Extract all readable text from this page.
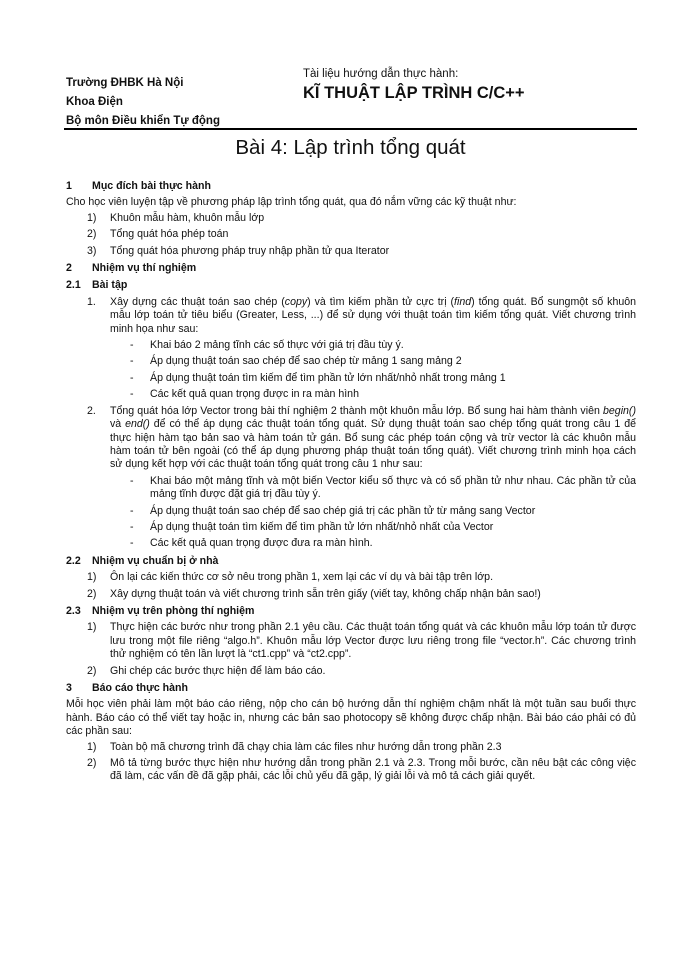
Trường ĐHBK Hà Nội
Khoa Điện
Bộ môn Điều khiển Tự động
Tài liệu hướng dẫn thực hành:
KĨ THUẬT LẬP TRÌNH C/C++
Bài 4: Lập trình tổng quát
1	Mục đích bài thực hành
Cho học viên luyện tập về phương pháp lập trình tổng quát, qua đó nắm vững các kỹ thuật như:
1)	Khuôn mẫu hàm, khuôn mẫu lớp
2)	Tổng quát hóa phép toán
3)	Tổng quát hóa phương pháp truy nhập phần tử qua Iterator
2	Nhiệm vụ thí nghiệm
2.1	Bài tập
1.	Xây dựng các thuật toán sao chép (copy) và tìm kiếm phần tử cực trị (find) tổng quát. Bổ sungmột số khuôn mẫu lớp toán tử tiêu biểu (Greater, Less, ...) để sử dụng với thuật toán tìm kiếm tổng quát. Viết chương trình minh họa như sau:
-	Khai báo 2 mảng tĩnh các số thực với giá trị đầu tùy ý.
-	Áp dụng thuật toán sao chép để sao chép từ mảng 1 sang mảng 2
-	Áp dụng thuật toán tìm kiếm để tìm phần tử lớn nhất/nhỏ nhất trong mảng 1
-	Các kết quả quan trọng được in ra màn hình
2.	Tổng quát hóa lớp Vector trong bài thí nghiệm 2 thành một khuôn mẫu lớp. Bổ sung hai hàm thành viên begin() và end() để có thể áp dụng các thuật toán tổng quát. Sử dụng thuật toán sao chép tổng quát trong câu 1 để thực hiện hàm tạo bản sao và hàm toán tử gán. Bổ sung các phép toán cộng và trừ vector là các khuôn mẫu hàm toán tử bên ngoài (có thể áp dụng phương pháp thuật toán tổng quát). Viết chương trình minh họa cách sử dụng kết hợp với các thuật toán tổng quát trong câu 1 như sau:
-	Khai báo một mảng tĩnh và một biến Vector kiểu số thực và có số phần tử như nhau. Các phần tử của mảng tĩnh được đặt giá trị đầu tùy ý.
-	Áp dụng thuật toán sao chép để sao chép giá trị các phần tử từ mảng sang Vector
-	Áp dụng thuật toán tìm kiếm để tìm phần tử lớn nhất/nhỏ nhất của Vector
-	Các kết quả quan trọng được đưa ra màn hình.
2.2	Nhiệm vụ chuẩn bị ở nhà
1)	Ôn lại các kiến thức cơ sở nêu trong phần 1, xem lại các ví dụ và bài tập trên lớp.
2)	Xây dựng thuật toán và viết chương trình sẵn trên giấy (viết tay, không chấp nhận bản sao!)
2.3	Nhiệm vụ trên phòng thí nghiệm
1)	Thực hiện các bước như trong phần 2.1 yêu cầu. Các thuật toán tổng quát và các khuôn mẫu lớp toán tử được lưu trong một file riêng “algo.h”. Khuôn mẫu lớp Vector được lưu riêng trong file “vector.h”. Các chương trình thử nghiệm có tên lần lượt là “ct1.cpp” và “ct2.cpp”.
2)	Ghi chép các bước thực hiện để làm báo cáo.
3	Báo cáo thực hành
Mỗi học viên phải làm một báo cáo riêng, nộp cho cán bộ hướng dẫn thí nghiệm chậm nhất là một tuần sau buổi thực hành. Báo cáo có thể viết tay hoặc in, nhưng các bản sao photocopy sẽ không được chấp nhận. Bài báo cáo phải có đủ các phần sau:
1)	Toàn bộ mã chương trình đã chạy chia làm các files như hướng dẫn trong phần 2.3
2)	Mô tả từng bước thực hiện như hướng dẫn trong phần 2.1 và 2.3. Trong mỗi bước, cần nêu bật các công việc đã làm, các vấn đề đã gặp phải, các lỗi chủ yếu đã gặp, lý giải lỗi và mô tả cách giải quyết.
